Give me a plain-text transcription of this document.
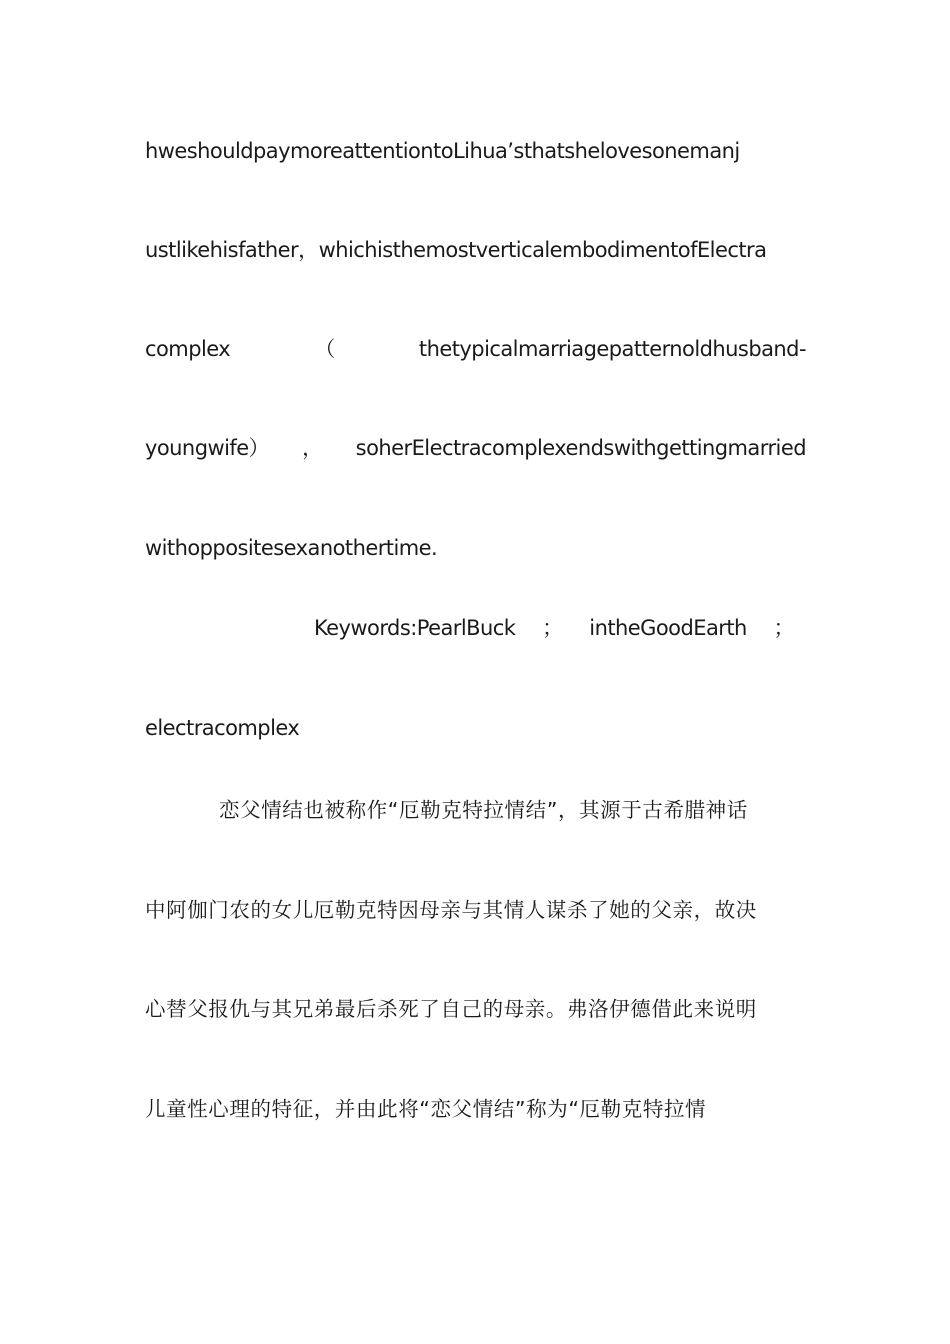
hweshouldpaymoreattentiontoLihua’sthatshelovesonemanj
ustlikehisfather，whichisthemostverticalembodimentofElectra
complex	（	thetypicalmarriagepatternoldhusband-
youngwife） ， soherElectracomplexendswithgettingmarried
withoppositesexanothertime.
Keywords:PearlBuck ； intheGoodEarth ；
electracomplex
恋父情结也被称作“厄勒克特拉情结”，其源于古希腊神话
中阿伽门农的女儿厄勒克特因母亲与其情人谋杀了她的父亲，故决
心替父报仇与其兄弟最后杀死了自己的母亲。弗洛伊德借此来说明
儿童性心理的特征，并由此将“恋父情结”称为“厄勒克特拉情
